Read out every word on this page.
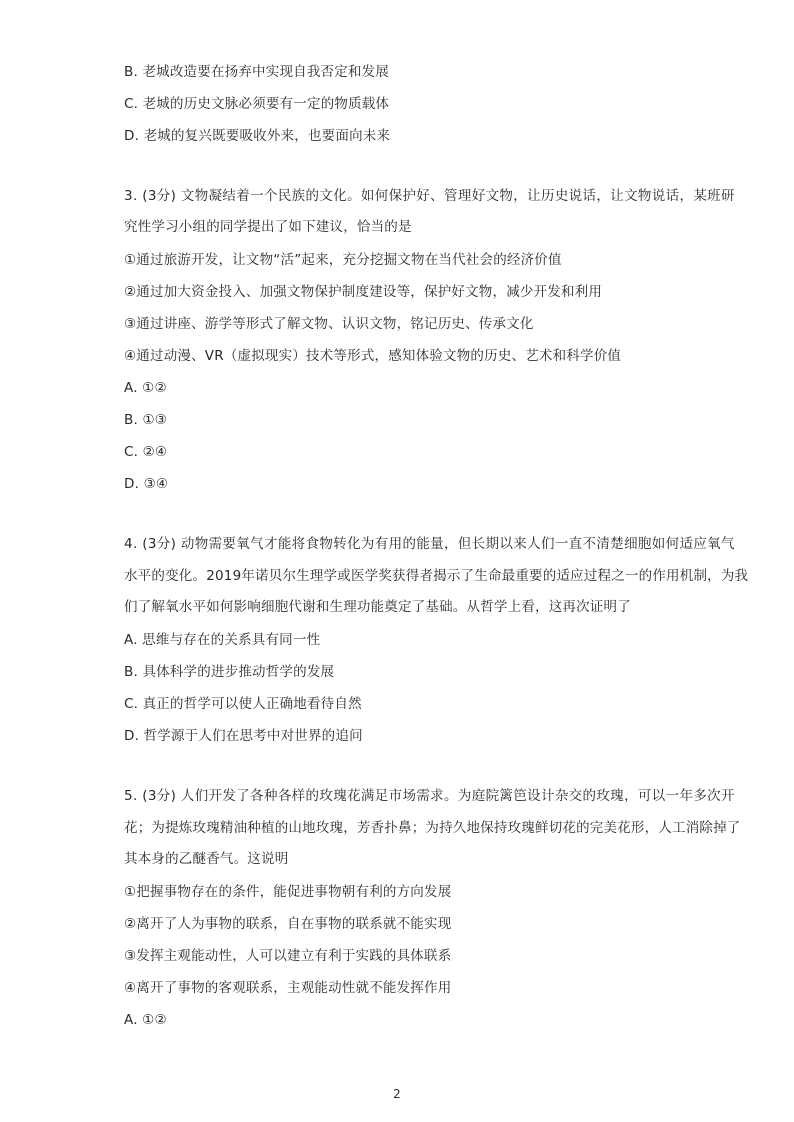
B. 老城改造要在扬弃中实现自我否定和发展
C. 老城的历史文脉必须要有一定的物质载体
D. 老城的复兴既要吸收外来，也要面向未来
3. (3分) 文物凝结着一个民族的文化。如何保护好、管理好文物，让历史说话，让文物说话，某班研
究性学习小组的同学提出了如下建议，恰当的是
①通过旅游开发，让文物“活”起来，充分挖掘文物在当代社会的经济价值
②通过加大资金投入、加强文物保护制度建设等，保护好文物，减少开发和利用
③通过讲座、游学等形式了解文物、认识文物，铭记历史、传承文化
④通过动漫、VR（虚拟现实）技术等形式，感知体验文物的历史、艺术和科学价值
A. ①②
B. ①③
C. ②④
D. ③④
4. (3分) 动物需要氧气才能将食物转化为有用的能量，但长期以来人们一直不清楚细胞如何适应氧气
水平的变化。2019年诺贝尔生理学或医学奖获得者揭示了生命最重要的适应过程之一的作用机制，为我
们了解氧水平如何影响细胞代谢和生理功能奠定了基础。从哲学上看，这再次证明了
A. 思维与存在的关系具有同一性
B. 具体科学的进步推动哲学的发展
C. 真正的哲学可以使人正确地看待自然
D. 哲学源于人们在思考中对世界的追问
5. (3分) 人们开发了各种各样的玫瑰花满足市场需求。为庭院篱笆设计杂交的玫瑰，可以一年多次开
花；为提炼玫瑰精油种植的山地玫瑰，芳香扑鼻；为持久地保持玫瑰鲜切花的完美花形，人工消除掉了
其本身的乙醚香气。这说明
①把握事物存在的条件，能促进事物朝有利的方向发展
②离开了人为事物的联系，自在事物的联系就不能实现
③发挥主观能动性，人可以建立有利于实践的具体联系
④离开了事物的客观联系，主观能动性就不能发挥作用
A. ①②
2
